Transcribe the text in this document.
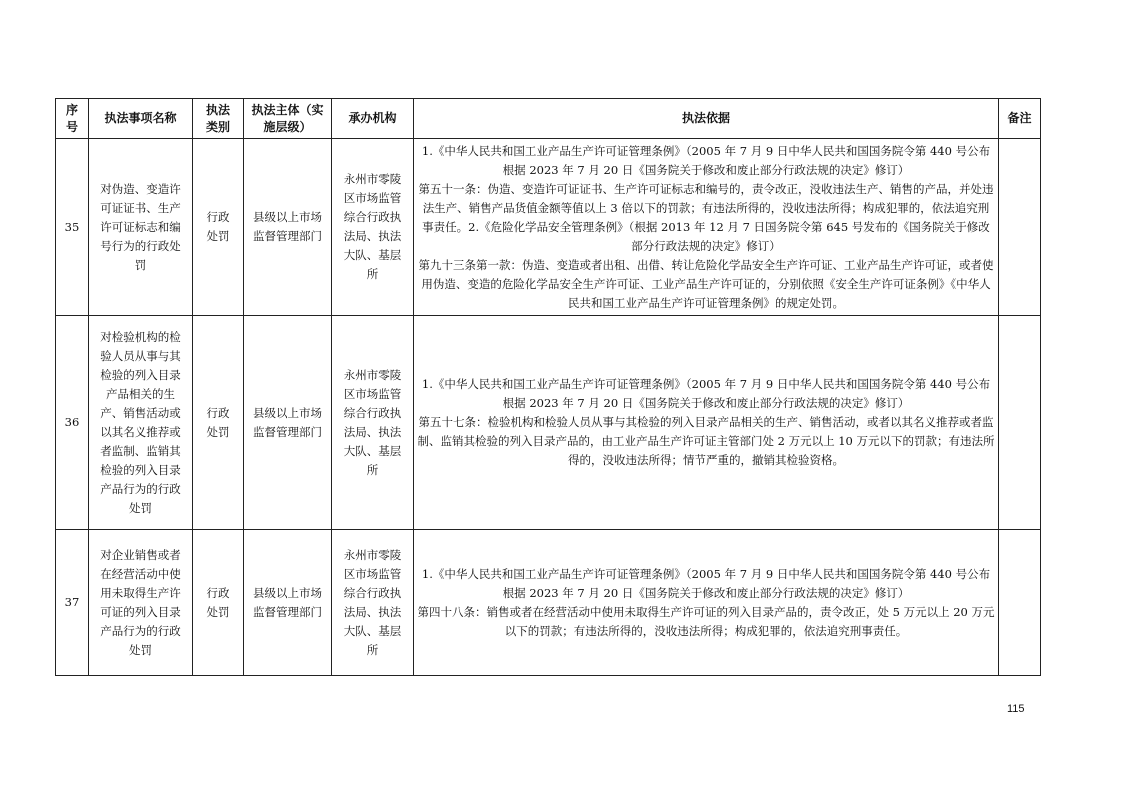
序号	执法事项名称	执法类别	执法主体（实施层级）	承办机构	执法依据	备注
35	对伪造、变造许可证证书、生产许可证标志和编号行为的行政处罚	行政处罚	县级以上市场监督管理部门	永州市零陵区市场监管综合行政执法局、执法大队、基层所	1.《中华人民共和国工业产品生产许可证管理条例》（2005 年 7 月 9 日中华人民共和国国务院令第 440 号公布　根据 2023 年 7 月 20 日《国务院关于修改和废止部分行政法规的决定》修订）

第五十一条：伪造、变造许可证证书、生产许可证标志和编号的，责令改正，没收违法生产、销售的产品，并处违法生产、销售产品货值金额等值以上 3 倍以下的罚款；有违法所得的，没收违法所得；构成犯罪的，依法追究刑事责任。2.《危险化学品安全管理条例》（根据 2013 年 12 月 7 日国务院令第 645 号发布的《国务院关于修改部分行政法规的决定》修订）

第九十三条第一款：伪造、变造或者出租、出借、转让危险化学品安全生产许可证、工业产品生产许可证，或者使用伪造、变造的危险化学品安全生产许可证、工业产品生产许可证的，分别依照《安全生产许可证条例》《中华人民共和国工业产品生产许可证管理条例》的规定处罚。	

36	对检验机构的检验人员从事与其检验的列入目录产品相关的生产、销售活动或以其名义推荐或者监制、监销其检验的列入目录产品行为的行政处罚	行政处罚	县级以上市场监督管理部门	永州市零陵区市场监管综合行政执法局、执法大队、基层所	1.《中华人民共和国工业产品生产许可证管理条例》（2005 年 7 月 9 日中华人民共和国国务院令第 440 号公布　根据 2023 年 7 月 20 日《国务院关于修改和废止部分行政法规的决定》修订）

第五十七条：检验机构和检验人员从事与其检验的列入目录产品相关的生产、销售活动，或者以其名义推荐或者监制、监销其检验的列入目录产品的，由工业产品生产许可证主管部门处 2 万元以上 10 万元以下的罚款；有违法所得的，没收违法所得；情节严重的，撤销其检验资格。	

37	对企业销售或者在经营活动中使用未取得生产许可证的列入目录产品行为的行政处罚	行政处罚	县级以上市场监督管理部门	永州市零陵区市场监管综合行政执法局、执法大队、基层所	1.《中华人民共和国工业产品生产许可证管理条例》（2005 年 7 月 9 日中华人民共和国国务院令第 440 号公布　根据 2023 年 7 月 20 日《国务院关于修改和废止部分行政法规的决定》修订）

第四十八条：销售或者在经营活动中使用未取得生产许可证的列入目录产品的，责令改正，处 5 万元以上 20 万元以下的罚款；有违法所得的，没收违法所得；构成犯罪的，依法追究刑事责任。	

115
